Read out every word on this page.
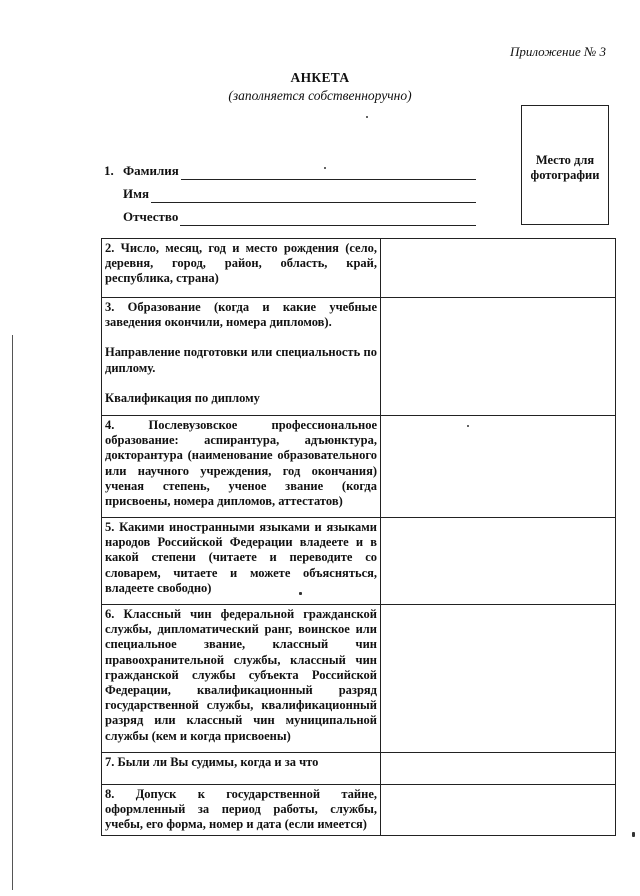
Приложение № 3
АНКЕТА
(заполняется собственноручно)
Место для фотографии
1. Фамилия
Имя
Отчество

2. Число, месяц, год и место рождения (село, деревня, город, район, область, край, республика, страна)	

3. Образование (когда и какие учебные заведения окончили, номера дипломов).

Направление подготовки или специальность по диплому.

Квалификация по диплому	

4. Послевузовское профессиональное образование: аспирантура, адъюнктура, докторантура (наименование образовательного или научного учреждения, год окончания) ученая степень, ученое звание (когда присвоены, номера дипломов, аттестатов)	

5. Какими иностранными языками и языками народов Российской Федерации владеете и в какой степени (читаете и переводите со словарем, читаете и можете объясняться, владеете свободно)	

6. Классный чин федеральной гражданской службы, дипломатический ранг, воинское или специальное звание, классный чин правоохранительной службы, классный чин гражданской службы субъекта Российской Федерации, квалификационный разряд государственной службы, квалификационный разряд или классный чин муниципальной службы (кем и когда присвоены)	

7. Были ли Вы судимы, когда и за что	

8. Допуск к государственной тайне, оформленный за период работы, службы, учебы, его форма, номер и дата (если имеется)	
